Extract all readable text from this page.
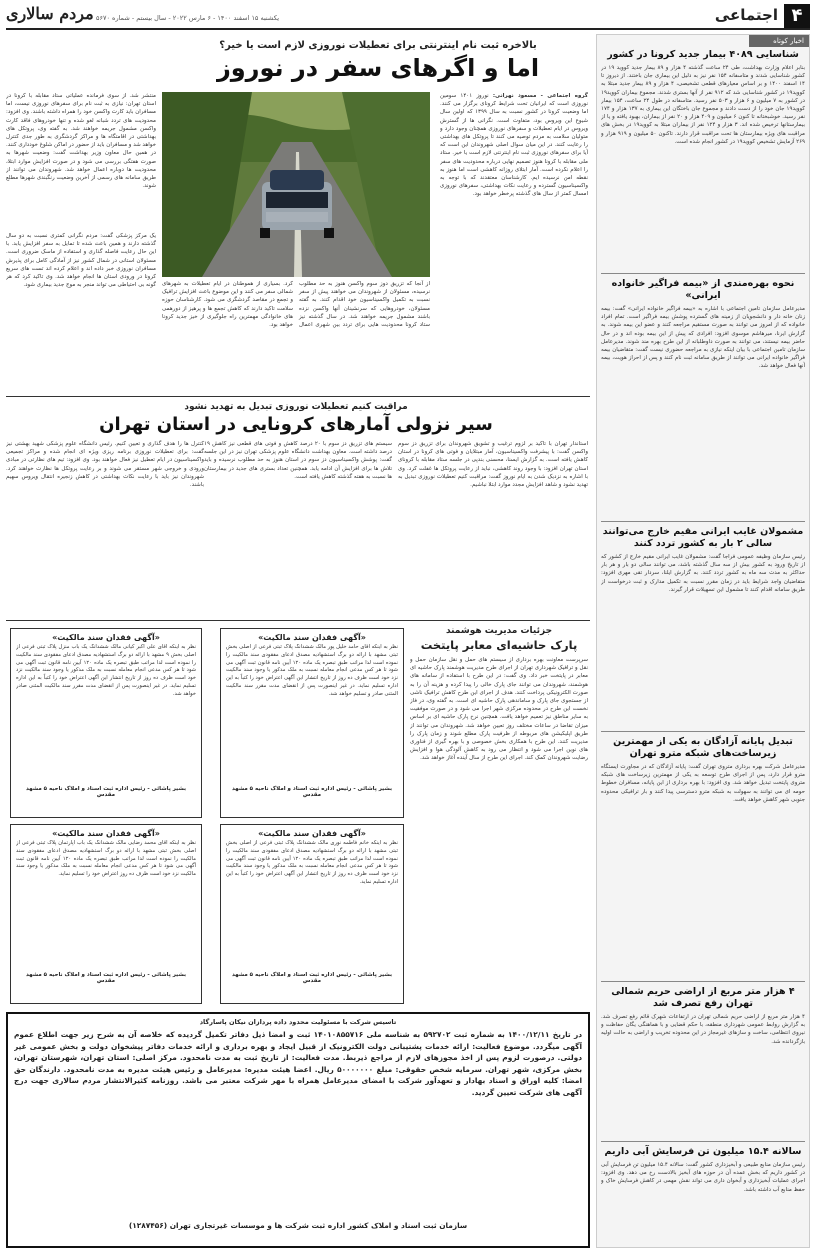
۴
اجتماعی
یکشنبه ۱۵ اسفند ۱۴۰۰ - ۶ مارس ۲۰۲۲ - سال بیستم - شماره ۵۶۷۰
مردم سالاری
اخبار کوتاه
شناسایی ۴۰۸۹ بیمار جدید کرونا در کشور
بنابر اعلام وزارت بهداشت، طی ۲۴ ساعت گذشته ۴ هزار و ۸۹ بیمار جدید کووید ۱۹ در کشور شناسایی شدند و متاسفانه ۱۵۴ نفر نیز به دلیل این بیماری جان باختند. از دیروز تا ۱۴ اسفند ۱۴۰۰ و بر اساس معیارهای قطعی تشخیصی، ۴ هزار و ۸۹ بیمار جدید مبتلا به کووید۱۹ در کشور شناسایی شد که ۹۱۲ نفر از آنها بستری شدند. مجموع بیماران کووید۱۹ در کشور به ۷ میلیون و ۶ هزار و ۵۰۳ نفر رسید. متاسفانه در طول ۲۴ ساعت، ۱۵۴ بیمار کووید۱۹ جان خود را از دست دادند و مجموع جان باختگان این بیماری به ۱۳۷ هزار و ۱۷۴ نفر رسید. خوشبختانه تا کنون ۶ میلیون و ۴۰۹ هزار و ۲۰ نفر از بیماران، بهبود یافته و یا از بیمارستانها ترخیص شده اند. ۳ هزار و ۱۲۴ نفر از بیماران مبتلا به کووید۱۹ در بخش های مراقبت های ویژه بیمارستان ها تحت مراقبت قرار دارند. تاکنون ۵۰ میلیون و ۹۱۹ هزار و ۲۶۹ آزمایش تشخیص کووید۱۹ در کشور انجام شده است.
نحوه بهره‌مندی از «بیمه فراگیر خانواده ایرانی»
مدیرعامل سازمان تامین اجتماعی با اشاره به «بیمه فراگیر خانواده ایرانی» گفت: بیمه زنان خانه دار و دانشجویان از زمینه های گسترده پوشش بیمه فراگیر است. تمام افراد خانواده که از امروز می توانند به صورت مستقیم مراجعه کنند و عضو این بیمه شوند. به گزارش ایرنا، میرهاشم موسوی افزود: افرادی که پیش از این بیمه بوده اند و در حال حاضر بیمه نیستند، می توانند به صورت داوطلبانه از این طرح بهره مند شوند. مدیرعامل سازمان تامین اجتماعی با بیان اینکه نیازی به مراجعه حضوری نیست گفت: متقاضیان بیمه فراگیر خانواده ایرانی می توانند از طریق سامانه ثبت نام کنند و پس از احراز هویت، بیمه آنها فعال خواهد شد.
مشمولان غایب ایرانی مقیم خارج می‌توانند سالی ۲ بار به کشور تردد کنند
رئیس سازمان وظیفه عمومی فراجا گفت: مشمولان غایب ایرانی مقیم خارج از کشور که از تاریخ ورود به کشور بیش از سه سال گذشته باشد، می توانند سالی دو بار و هر بار حداکثر به مدت سه ماه به کشور تردد کنند. به گزارش ایلنا، سردار تقی مهری افزود: متقاضیان واجد شرایط باید در زمان مقرر نسبت به تکمیل مدارک و ثبت درخواست از طریق سامانه اقدام کنند تا مشمول این تسهیلات قرار گیرند.
تبدیل پایانه آزادگان به یکی از مهمترین زیرساخت‌های شبکه مترو تهران
مدیرعامل شرکت بهره برداری متروی تهران گفت: پایانه آزادگان که در مجاورت ایستگاه مترو قرار دارد، پس از اجرای طرح توسعه به یکی از مهمترین زیرساخت های شبکه متروی پایتخت تبدیل خواهد شد. وی افزود: با بهره برداری از این پایانه، مسافران خطوط حومه ای می توانند به سهولت به شبکه مترو دسترسی پیدا کنند و بار ترافیکی محدوده جنوبی شهر کاهش خواهد یافت.
۴ هزار متر مربع از اراضی حریم شمالی تهران رفع تصرف شد
۴ هزار متر مربع از اراضی حریم شمالی تهران در ارتفاعات شهرک قائم رفع تصرف شد. به گزارش روابط عمومی شهرداری منطقه، با حکم قضایی و با هماهنگی یگان حفاظت و نیروی انتظامی، ساخت و سازهای غیرمجاز در این محدوده تخریب و اراضی به حالت اولیه بازگردانده شد.
سالانه ۱۵.۴ میلیون تن فرسایش آبی داریم
رئیس سازمان منابع طبیعی و آبخیزداری کشور گفت: سالانه ۱۵.۴ میلیون تن فرسایش آبی در کشور داریم که بخش عمده آن در حوزه های آبخیز بالادست رخ می دهد. وی افزود: اجرای عملیات آبخیزداری و آبخوان داری می تواند نقش مهمی در کاهش فرسایش خاک و حفظ منابع آب داشته باشد.
بالاخره ثبت نام اینترنتی برای تعطیلات نوروزی لازم است یا خیر؟
اما و اگرهای سفر در نوروز
گروه اجتماعی - مسعود نهرانی: نوروز ۱۴۰۱ سومین نوروزی است که ایرانیان تحت شرایط کرونای برگزار می کنند. اما وضعیت کرونا در کشور نسبت به سال ۱۳۹۹ که اولین سال شیوع این ویروس بود، متفاوت است. نگرانی ها از گسترش ویروس در ایام تعطیلات و سفرهای نوروزی همچنان وجود دارد و متولیان سلامت به مردم توصیه می کنند تا پروتکل های بهداشتی را رعایت کنند. در این میان سوال اصلی شهروندان این است که آیا برای سفرهای نوروزی ثبت نام اینترنتی لازم است یا خیر. ستاد ملی مقابله با کرونا هنوز تصمیم نهایی درباره محدودیت های سفر را اعلام نکرده است. آمار ابتلای روزانه کاهشی است اما هنوز به نقطه امن نرسیده ایم. کارشناسان معتقدند که با توجه به واکسیناسیون گسترده و رعایت نکات بهداشتی، سفرهای نوروزی امسال کمتر از سال های گذشته پرخطر خواهد بود.
منتشر شد. از سوی فرمانده عملیاتی ستاد مقابله با کرونا در استان تهران: نیازی به ثبت نام برای سفرهای نوروزی نیست، اما مسافران باید کارت واکسن خود را همراه داشته باشند. وی افزود: محدودیت های تردد شبانه لغو شده و تنها خودروهای فاقد کارت واکسن مشمول جریمه خواهند شد. به گفته وی، پروتکل های بهداشتی در اقامتگاه ها و مراکز گردشگری به طور جدی کنترل خواهد شد و مسافران باید از حضور در اماکن شلوغ خودداری کنند. در همین حال معاون وزیر بهداشت گفت: وضعیت شهرها به صورت هفتگی بررسی می شود و در صورت افزایش موارد ابتلا، محدودیت ها دوباره اعمال خواهد شد. شهروندان می توانند از طریق سامانه های رسمی از آخرین وضعیت رنگبندی شهرها مطلع شوند.
از آنجا که تزریق دوز سوم واکسن هنوز به حد مطلوب نرسیده، مسئولان از شهروندان می خواهند پیش از سفر نسبت به تکمیل واکسیناسیون خود اقدام کنند. به گفته مسئولان، خودروهایی که سرنشینان آنها واکسن نزده باشند مشمول جریمه خواهند شد. در سال گذشته نیز ستاد کرونا محدودیت هایی برای تردد بین شهری اعمال کرد. بسیاری از هموطنان در ایام تعطیلات به شهرهای شمالی سفر می کنند و این موضوع باعث افزایش ترافیک و تجمع در مقاصد گردشگری می شود. کارشناسان حوزه سلامت تاکید دارند که کاهش تجمع ها و پرهیز از دورهمی های خانوادگی مهمترین راه جلوگیری از خیز جدید کرونا خواهد بود.
یک مرکز پزشکی گفت: مردم نگرانی کمتری نسبت به دو سال گذشته دارند و همین باعث شده تا تمایل به سفر افزایش یابد. با این حال رعایت فاصله گذاری و استفاده از ماسک ضروری است. مسئولان استانی در شمال کشور نیز از آمادگی کامل برای پذیرش مسافران نوروزی خبر داده اند و اعلام کرده اند تست های سریع کرونا در ورودی استان ها انجام خواهد شد. وی تاکید کرد که هر گونه بی احتیاطی می تواند منجر به موج جدید بیماری شود.
مراقبت کنیم تعطیلات نوروزی تبدیل به تهدید نشود
سیر نزولی آمارهای کرونایی در استان تهران
استاندار تهران با تاکید بر لزوم ترغیب و تشویق شهروندان برای تزریق دز سوم واکسن گفت: با پیشرفت واکسیناسیون، آمار مبتلایان و فوتی های کرونا در استان کاهش یافته است. به گزارش ایسنا، محسنی بندپی در جلسه ستاد مقابله با کرونای استان تهران افزود: با وجود روند کاهشی، نباید از رعایت پروتکل ها غفلت کرد. وی با اشاره به نزدیک شدن به ایام نوروز گفت: مراقبت کنیم تعطیلات نوروزی تبدیل به تهدید نشود و شاهد افزایش مجدد موارد ابتلا نباشیم.
سیستم های تزریق دز سوم با ۲۰ درصد کاهش و فوتی های قطعی نیز کاهش ۱۹ درصد داشته است. معاون بهداشت دانشگاه علوم پزشکی تهران نیز در این جلسه گفت: پوشش واکسیناسیون دز سوم در استان هنوز به حد مطلوب نرسیده و باید تلاش ها برای افزایش آن ادامه یابد. همچنین تعداد بستری های جدید در بیمارستان ها نسبت به هفته گذشته کاهش یافته است.
کنترل ها را هدف گذاری و تعیین کنیم. رئیس دانشگاه علوم پزشکی شهید بهشتی نیز گفت: برای تعطیلات نوروزی برنامه ریزی ویژه ای انجام شده و مراکز تجمیعی واکسیناسیون در ایام تعطیل نیز فعال خواهند بود. وی افزود: تیم های نظارتی در مبادی ورودی و خروجی شهر مستقر می شوند و بر رعایت پروتکل ها نظارت خواهند کرد. شهروندان نیز باید با رعایت نکات بهداشتی در کاهش زنجیره انتقال ویروس سهیم باشند.
جزئیات مدیریت هوشمند
پارک حاشیه‌ای معابر پایتخت
سرپرست معاونت بهره برداری از سیستم های حمل و نقل سازمان حمل و نقل و ترافیک شهرداری تهران از اجرای طرح مدیریت هوشمند پارک حاشیه ای معابر در پایتخت خبر داد. وی گفت: در این طرح با استفاده از سامانه های هوشمند، شهروندان می توانند جای پارک خالی را پیدا کرده و هزینه آن را به صورت الکترونیکی پرداخت کنند. هدف از اجرای این طرح کاهش ترافیک ناشی از جستجوی جای پارک و ساماندهی پارک حاشیه ای است. به گفته وی، در فاز نخست این طرح در محدوده مرکزی شهر اجرا می شود و در صورت موفقیت به سایر مناطق نیز تعمیم خواهد یافت. همچنین نرخ پارک حاشیه ای بر اساس میزان تقاضا در ساعات مختلف روز تعیین خواهد شد. شهروندان می توانند از طریق اپلیکیشن های مربوطه از ظرفیت پارک مطلع شوند و زمان پارک را مدیریت کنند. این طرح با همکاری بخش خصوصی و با بهره گیری از فناوری های نوین اجرا می شود و انتظار می رود به کاهش آلودگی هوا و افزایش رضایت شهروندان کمک کند. اجرای این طرح از سال آینده آغاز خواهد شد.
«آگهی فقدان سند مالکیت»
نظر به اینکه آقای حامد خلیل پور مالک ششدانگ پلاک ثبتی فرعی از اصلی بخش ثبتی مشهد با ارائه دو برگ استشهادیه مصدق ادعای مفقودی سند مالکیت را نموده است لذا مراتب طبق تبصره یک ماده ۱۲۰ آیین نامه قانون ثبت آگهی می شود تا هر کس مدعی انجام معامله نسبت به ملک مذکور یا وجود سند مالکیت نزد خود است ظرف ده روز از تاریخ انتشار این آگهی اعتراض خود را کتباً به این اداره تسلیم نماید. در غیر اینصورت پس از انقضای مدت مقرر سند مالکیت المثنی صادر و تسلیم خواهد شد.
بشیر پاشائی - رئیس اداره ثبت اسناد و املاک ناحیه ۵ مشهد مقدس
«آگهی فقدان سند مالکیت»
نظر به اینکه آقای علی اکبر کیانی مالک ششدانگ یک باب منزل پلاک ثبتی فرعی از اصلی بخش ۹ مشهد با ارائه دو برگ استشهادیه مصدق ادعای مفقودی سند مالکیت را نموده است لذا مراتب طبق تبصره یک ماده ۱۲۰ آیین نامه قانون ثبت آگهی می شود تا هر کس مدعی انجام معامله نسبت به ملک مذکور یا وجود سند مالکیت نزد خود است ظرف ده روز از تاریخ انتشار این آگهی اعتراض خود را کتباً به این اداره تسلیم نماید. در غیر اینصورت پس از انقضای مدت مقرر سند مالکیت المثنی صادر خواهد شد.
بشیر پاشائی - رئیس اداره ثبت اسناد و املاک ناحیه ۵ مشهد مقدس
«آگهی فقدان سند مالکیت»
نظر به اینکه خانم فاطمه نوری مالک ششدانگ پلاک ثبتی فرعی از اصلی بخش ثبتی مشهد با ارائه دو برگ استشهادیه مصدق ادعای مفقودی سند مالکیت را نموده است لذا مراتب طبق تبصره یک ماده ۱۲۰ آیین نامه قانون ثبت آگهی می شود تا هر کس مدعی انجام معامله نسبت به ملک مذکور یا وجود سند مالکیت نزد خود است ظرف ده روز از تاریخ انتشار این آگهی اعتراض خود را کتباً به این اداره تسلیم نماید.
بشیر پاشائی - رئیس اداره ثبت اسناد و املاک ناحیه ۵ مشهد مقدس
«آگهی فقدان سند مالکیت»
نظر به اینکه آقای محمد رضایی مالک ششدانگ یک باب آپارتمان پلاک ثبتی فرعی از اصلی بخش ثبتی مشهد با ارائه دو برگ استشهادیه مصدق ادعای مفقودی سند مالکیت را نموده است لذا مراتب طبق تبصره یک ماده ۱۲۰ آیین نامه قانون ثبت آگهی می شود تا هر کس مدعی انجام معامله نسبت به ملک مذکور یا وجود سند مالکیت نزد خود است ظرف ده روز اعتراض خود را تسلیم نماید.
بشیر پاشائی - رئیس اداره ثبت اسناد و املاک ناحیه ۵ مشهد مقدس
تاسیس شرکت با مسئولیت محدود داده پردازان نیکان پاسارگاد
در تاریخ ۱۴۰۰/۱۲/۱۱ به شماره ثبت ۵۹۲۷۰۲ به شناسه ملی ۱۴۰۱۰۸۵۵۷۱۶ ثبت و امضا ذیل دفاتر تکمیل گردیده که خلاصه آن به شرح زیر جهت اطلاع عموم آگهی میگردد. موضوع فعالیت: ارائه خدمات پشتیبانی دولت الکترونیک از قبیل ایجاد و بهره برداری و ارائه خدمات دفاتر پیشخوان دولت و بخش عمومی غیر دولتی. درصورت لزوم پس از اخذ مجوزهای لازم از مراجع ذیربط. مدت فعالیت: از تاریخ ثبت به مدت نامحدود. مرکز اصلی: استان تهران، شهرستان تهران، بخش مرکزی، شهر تهران. سرمایه شخص حقوقی: مبلغ ۵۰۰۰۰۰۰۰ ریال. اعضا هیئت مدیره: مدیرعامل و رئیس هیئت مدیره به مدت نامحدود. دارندگان حق امضا: کلیه اوراق و اسناد بهادار و تعهدآور شرکت با امضای مدیرعامل همراه با مهر شرکت معتبر می باشد. روزنامه کثیرالانتشار مردم سالاری جهت درج آگهی های شرکت تعیین گردید.
سازمان ثبت اسناد و املاک کشور اداره ثبت شرکت ها و موسسات غیرتجاری تهران (۱۲۸۷۴۵۶)
